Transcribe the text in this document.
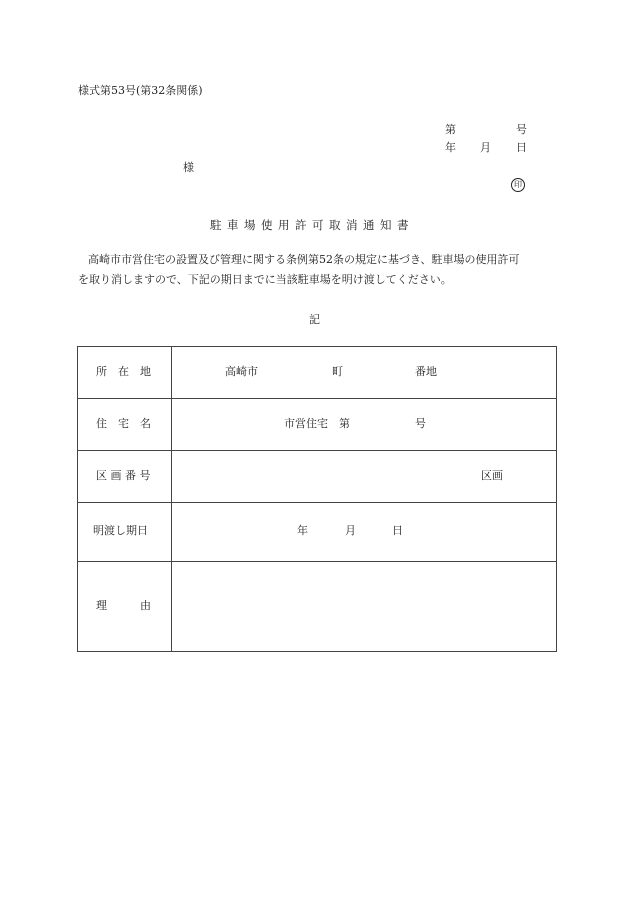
様式第53号(第32条関係)
第	号
年 月 日
様
印
駐車場使用許可取消通知書
高崎市市営住宅の設置及び管理に関する条例第52条の規定に基づき、駐車場の使用許可
を取り消しますので、下記の期日までに当該駐車場を明け渡してください。
記
所　在　地	高崎市 町 番地

住　宅　名	市営住宅　第 号

区 画 番 号	区画

明渡し期日	年 月 日

理　　　由	
